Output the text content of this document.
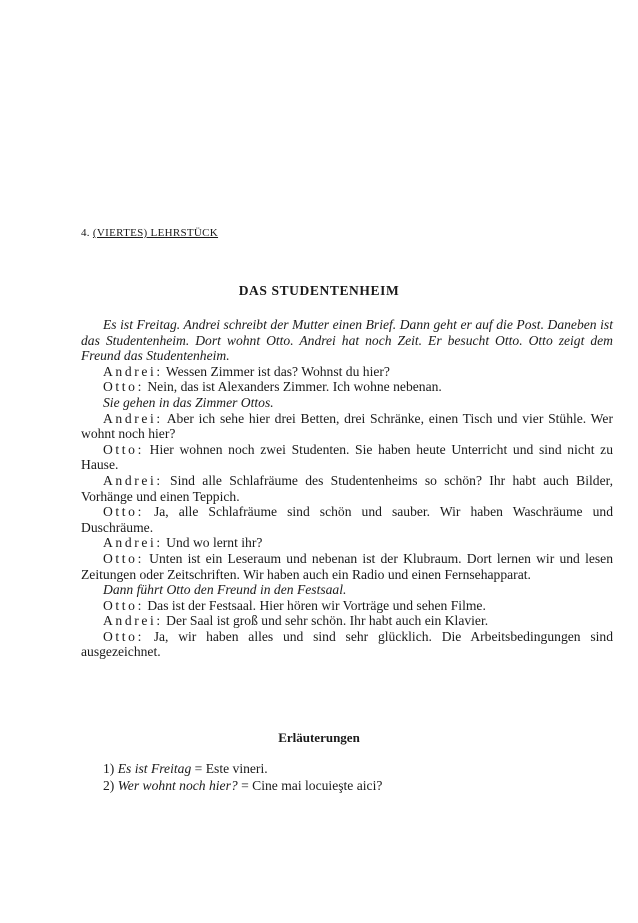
4. (VIERTES) LEHRSTÜCK
DAS STUDENTENHEIM

Es ist Freitag. Andrei schreibt der Mutter einen Brief. Dann geht er auf die Post. Daneben ist das Studentenheim. Dort wohnt Otto. Andrei hat noch Zeit. Er besucht Otto. Otto zeigt dem Freund das Studentenheim.

Andrei: Wessen Zimmer ist das? Wohnst du hier?

Otto: Nein, das ist Alexanders Zimmer. Ich wohne nebenan.

Sie gehen in das Zimmer Ottos.

Andrei: Aber ich sehe hier drei Betten, drei Schränke, einen Tisch und vier Stühle. Wer wohnt noch hier?

Otto: Hier wohnen noch zwei Studenten. Sie haben heute Unterricht und sind nicht zu Hause.

Andrei: Sind alle Schlafräume des Studentenheims so schön? Ihr habt auch Bilder, Vorhänge und einen Teppich.

Otto: Ja, alle Schlafräume sind schön und sauber. Wir haben Waschräume und Duschräume.

Andrei: Und wo lernt ihr?

Otto: Unten ist ein Leseraum und nebenan ist der Klubraum. Dort lernen wir und lesen Zeitungen oder Zeitschriften. Wir haben auch ein Radio und einen Fernsehapparat.

Dann führt Otto den Freund in den Festsaal.

Otto: Das ist der Festsaal. Hier hören wir Vorträge und sehen Filme.

Andrei: Der Saal ist groß und sehr schön. Ihr habt auch ein Klavier.

Otto: Ja, wir haben alles und sind sehr glücklich. Die Arbeitsbedingungen sind ausgezeichnet.

Erläuterungen
1) Es ist Freitag = Este vineri.
2) Wer wohnt noch hier? = Cine mai locuieşte aici?
